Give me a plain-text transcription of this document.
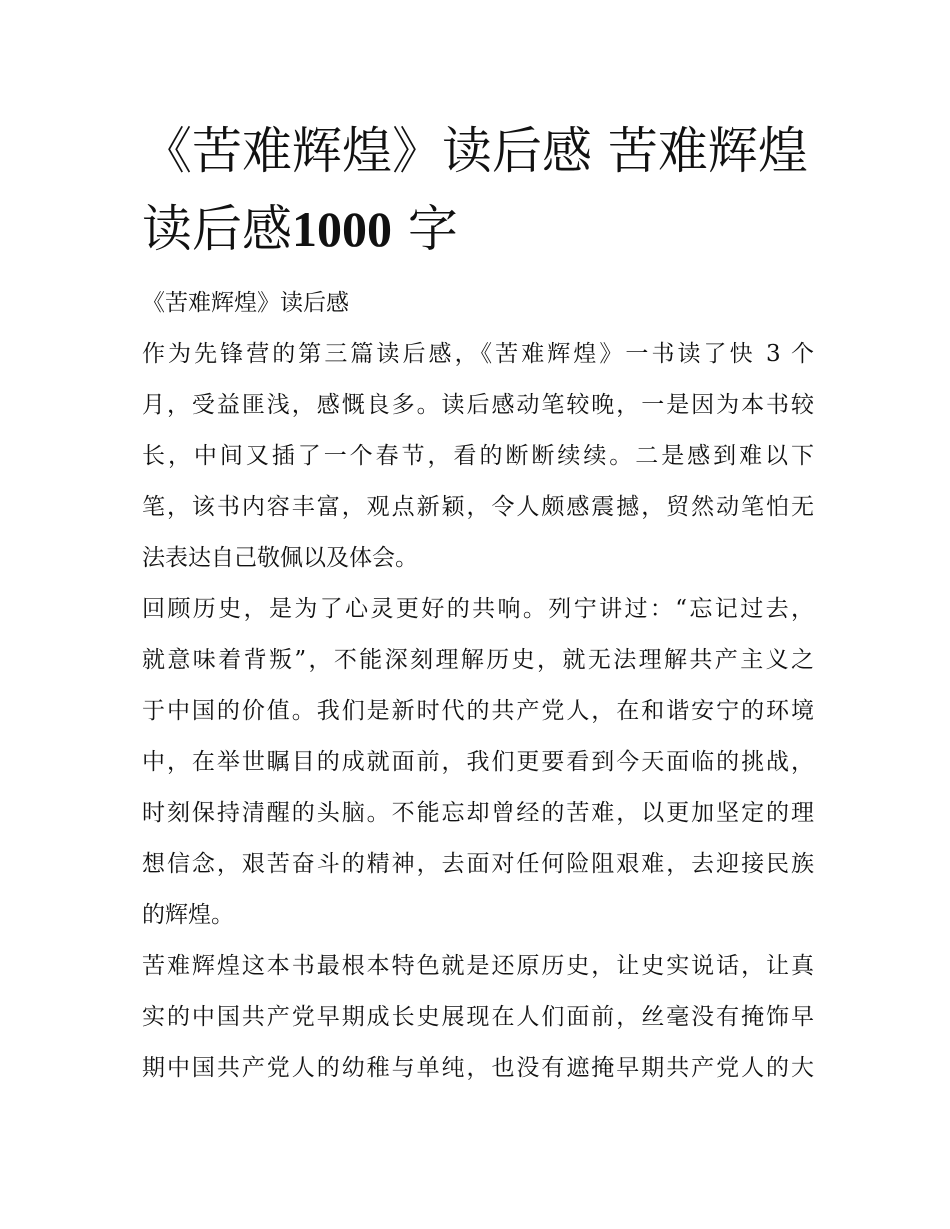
《苦难辉煌》读后感 苦难辉煌
读后感1000 字

《苦难辉煌》读后感

作为先锋营的第三篇读后感，《苦难辉煌》一书读了快 3 个
月，受益匪浅，感慨良多。读后感动笔较晚，一是因为本书较
长，中间又插了一个春节，看的断断续续。二是感到难以下
笔，该书内容丰富，观点新颖，令人颇感震撼，贸然动笔怕无
法表达自己敬佩以及体会。

回顾历史，是为了心灵更好的共响。列宁讲过：“忘记过去，
就意味着背叛”，不能深刻理解历史，就无法理解共产主义之
于中国的价值。我们是新时代的共产党人，在和谐安宁的环境
中，在举世瞩目的成就面前，我们更要看到今天面临的挑战，
时刻保持清醒的头脑。不能忘却曾经的苦难，以更加坚定的理
想信念，艰苦奋斗的精神，去面对任何险阻艰难，去迎接民族
的辉煌。

苦难辉煌这本书最根本特色就是还原历史，让史实说话，让真
实的中国共产党早期成长史展现在人们面前，丝毫没有掩饰早
期中国共产党人的幼稚与单纯，也没有遮掩早期共产党人的大
